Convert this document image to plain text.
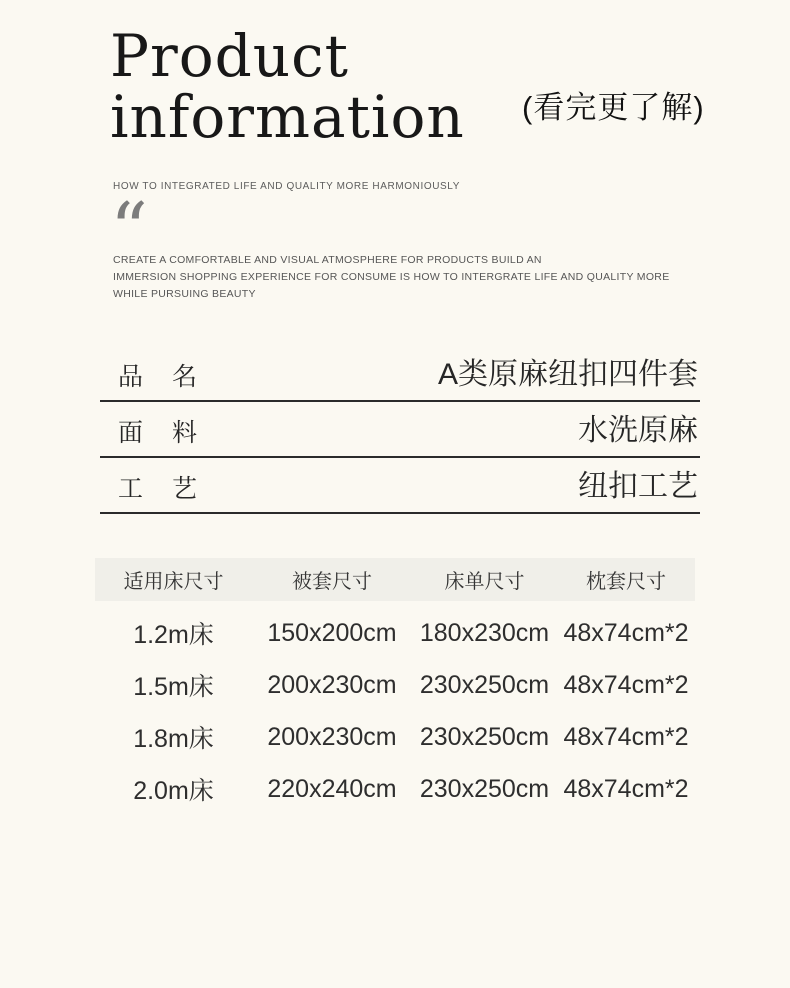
Product
information (看完更了解)
HOW TO INTEGRATED LIFE AND QUALITY MORE HARMONIOUSLY
“

CREATE A COMFORTABLE AND VISUAL ATMOSPHERE FOR PRODUCTS BUILD AN

IMMERSION SHOPPING EXPERIENCE FOR CONSUME IS HOW TO INTERGRATE LIFE AND QUALITY MORE

WHILE PURSUING BEAUTY

品　名	A类原麻纽扣四件套
面　料	水洗原麻
工　艺	纽扣工艺
适用床尺寸	被套尺寸	床单尺寸	枕套尺寸
1.2m床	150x200cm 180x230cm 48x74cm*2
1.5m床	200x230cm 230x250cm 48x74cm*2
1.8m床	200x230cm 230x250cm 48x74cm*2
2.0m床	220x240cm 230x250cm 48x74cm*2
